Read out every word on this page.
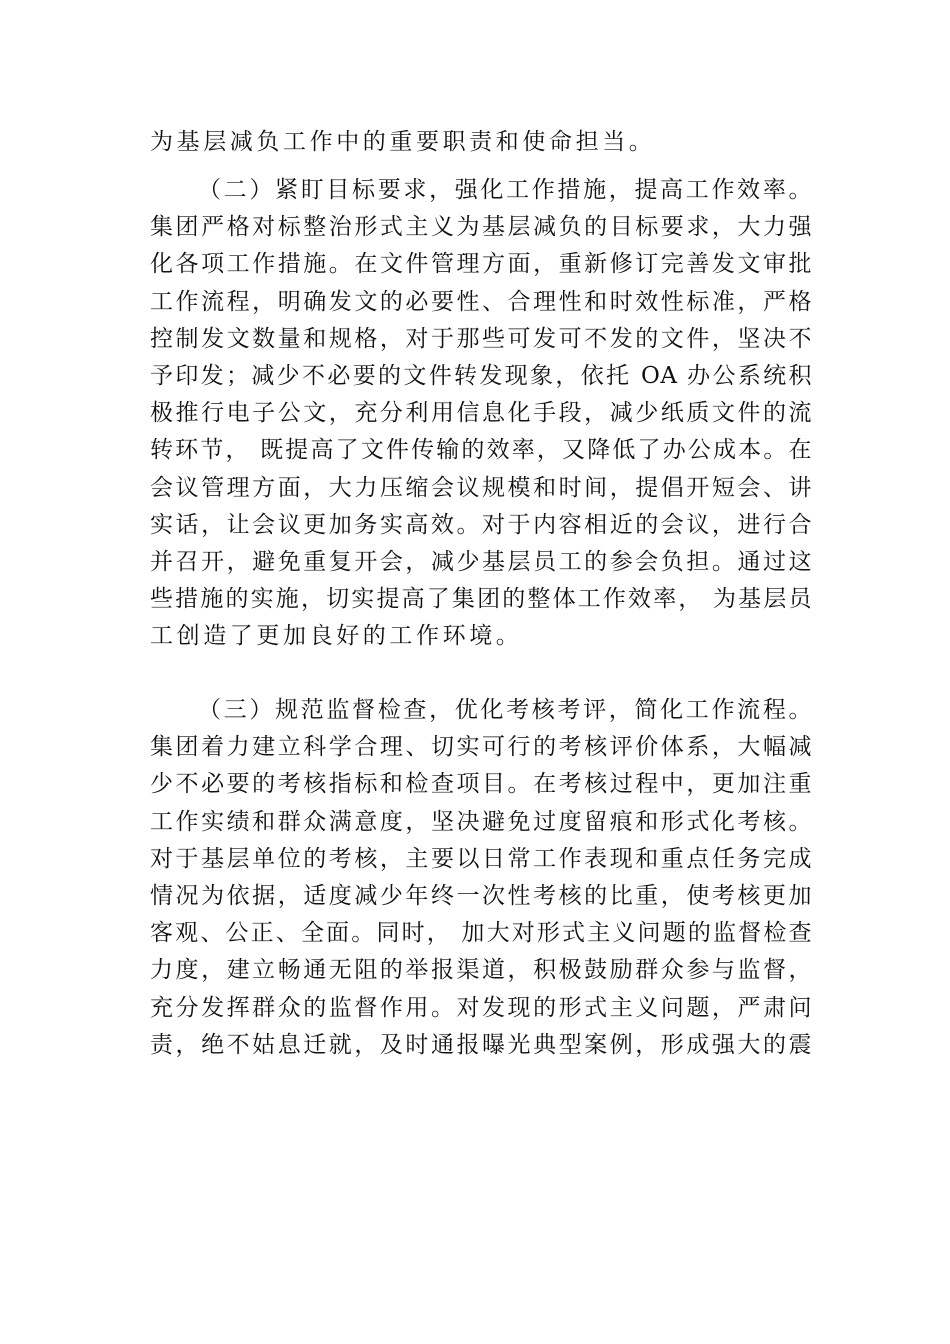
为基层减负工作中的重要职责和使命担当。
（二）紧盯目标要求，强化工作措施，提高工作效率。
集团严格对标整治形式主义为基层减负的目标要求，大力强
化各项工作措施。在文件管理方面，重新修订完善发文审批
工作流程，明确发文的必要性、合理性和时效性标准，严格
控制发文数量和规格，对于那些可发可不发的文件，坚决不
予印发；减少不必要的文件转发现象，依托 OA 办公系统积
极推行电子公文，充分利用信息化手段，减少纸质文件的流
转环节， 既提高了文件传输的效率，又降低了办公成本。在
会议管理方面，大力压缩会议规模和时间，提倡开短会、讲
实话，让会议更加务实高效。对于内容相近的会议，进行合
并召开，避免重复开会，减少基层员工的参会负担。通过这
些措施的实施，切实提高了集团的整体工作效率， 为基层员
工创造了更加良好的工作环境。
（三）规范监督检查，优化考核考评，简化工作流程。
集团着力建立科学合理、切实可行的考核评价体系，大幅减
少不必要的考核指标和检查项目。在考核过程中，更加注重
工作实绩和群众满意度，坚决避免过度留痕和形式化考核。
对于基层单位的考核，主要以日常工作表现和重点任务完成
情况为依据，适度减少年终一次性考核的比重，使考核更加
客观、公正、全面。同时， 加大对形式主义问题的监督检查
力度，建立畅通无阻的举报渠道，积极鼓励群众参与监督，
充分发挥群众的监督作用。对发现的形式主义问题，严肃问
责，绝不姑息迁就，及时通报曝光典型案例，形成强大的震
